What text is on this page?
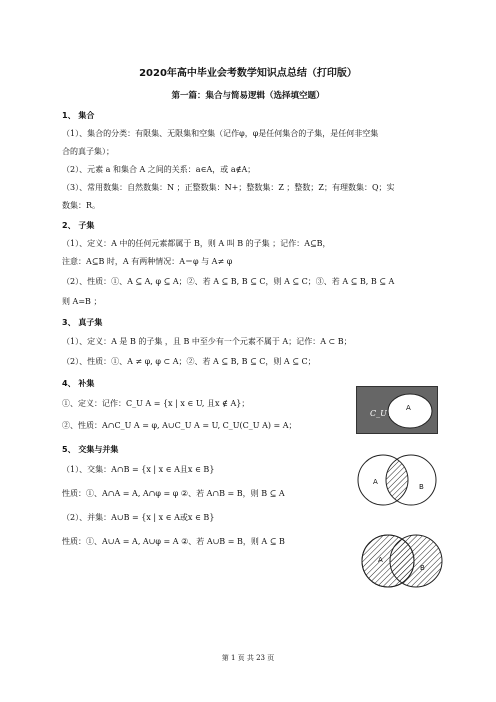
2020年高中毕业会考数学知识点总结（打印版）
第一篇：集合与简易逻辑（选择填空题）
1、 集合
（1）、集合的分类：有限集、无限集和空集（记作φ，φ是任何集合的子集，是任何非空集
合的真子集）；
（2）、元素 a 和集合 A 之间的关系：a∈A，或 a∉A；
（3）、常用数集：自然数集：N ；正整数集：N+；整数集：Z ；整数；Z；有理数集：Q；实
数集：R。
2、 子集
（1）、定义：A 中的任何元素都属于 B，则 A 叫 B 的子集 ；记作：A⊆B，
注意：A⊆B 时，A 有两种情况：A＝φ 与 A≠ φ
（2）、性质：①、A ⊆ A, φ ⊆ A；②、若 A ⊆ B, B ⊆ C，则 A ⊆ C；③、若 A ⊆ B, B ⊆ A
则 A=B ；
3、 真子集
（1）、定义：A 是 B 的子集 ，且 B 中至少有一个元素不属于 A；记作：A ⊂ B；
（2）、性质：①、A ≠ φ, φ ⊂ A；②、若 A ⊆ B, B ⊆ C，则 A ⊆ C；
4、 补集
①、定义：记作：C_U A = {x | x ∈ U, 且x ∉ A}；
②、性质：A∩C_U A = φ, A∪C_U A = U, C_U(C_U A) = A；
5、 交集与并集
（1）、交集：A∩B = {x | x ∈ A且x ∈ B}
性质：①、A∩A = A, A∩φ = φ ②、若 A∩B = B，则 B ⊆ A
（2）、并集：A∪B = {x | x ∈ A或x ∈ B}
性质：①、A∪A = A, A∪φ = A ②、若 A∪B = B，则 A ⊆ B
C_U A
A
A
B
A
B
第 1 页 共 23 页
